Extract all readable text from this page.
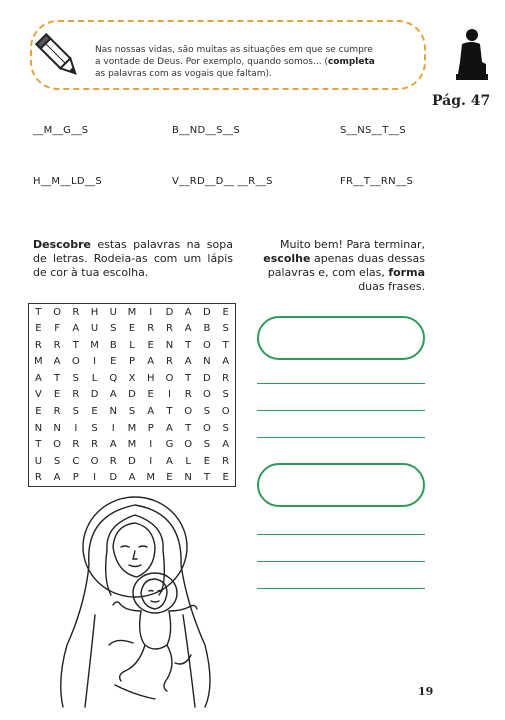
Nas nossas vidas, são muitas as situações em que se cumpre
a vontade de Deus. Por exemplo, quando somos... (completa
as palavras com as vogais que faltam).
Pág. 47
__M__G__S	B__ND__S__S	S__NS__T__S
H__M__LD__S	V__RD__D__ __R__S	FR__T__RN__S
Descobre estas palavras na sopa de letras. Rodeia-as com um lápis de cor à tua escolha.
Muito bem! Para terminar, escolhe apenas duas dessas palavras e, com elas, forma duas frases.
T	O	R	H	U	M	I	D	A	D	E
E	F	A	U	S	E	R	R	A	B	S
R	R	T	M	B	L	E	N	T	O	T
M	A	O	I	E	P	A	R	A	N	A
A	T	S	L	Q	X	H	O	T	D	R
V	E	R	D	A	D	E	I	R	O	S
E	R	S	E	N	S	A	T	O	S	O
N	N	I	S	I	M	P	A	T	O	S
T	O	R	R	A	M	I	G	O	S	A
U	S	C	O	R	D	I	A	L	E	R
R	A	P	I	D	A	M	E	N	T	E
19
